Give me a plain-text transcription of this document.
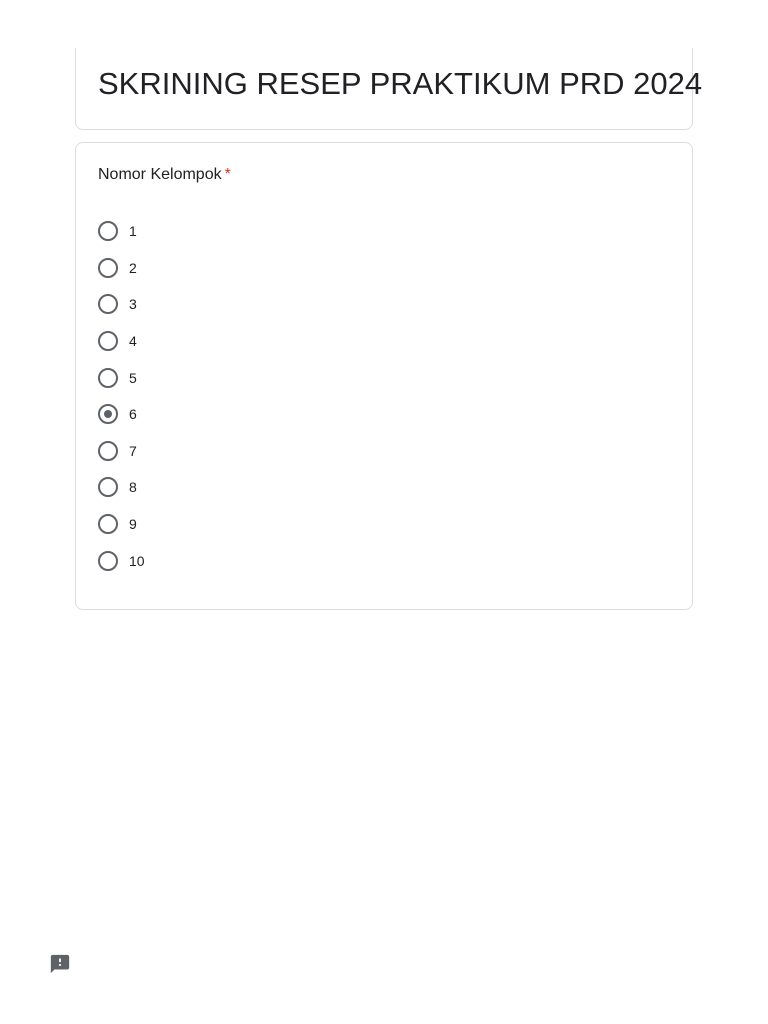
SKRINING RESEP PRAKTIKUM PRD 2024
Nomor Kelompok *
1
2
3
4
5
6
7
8
9
10
